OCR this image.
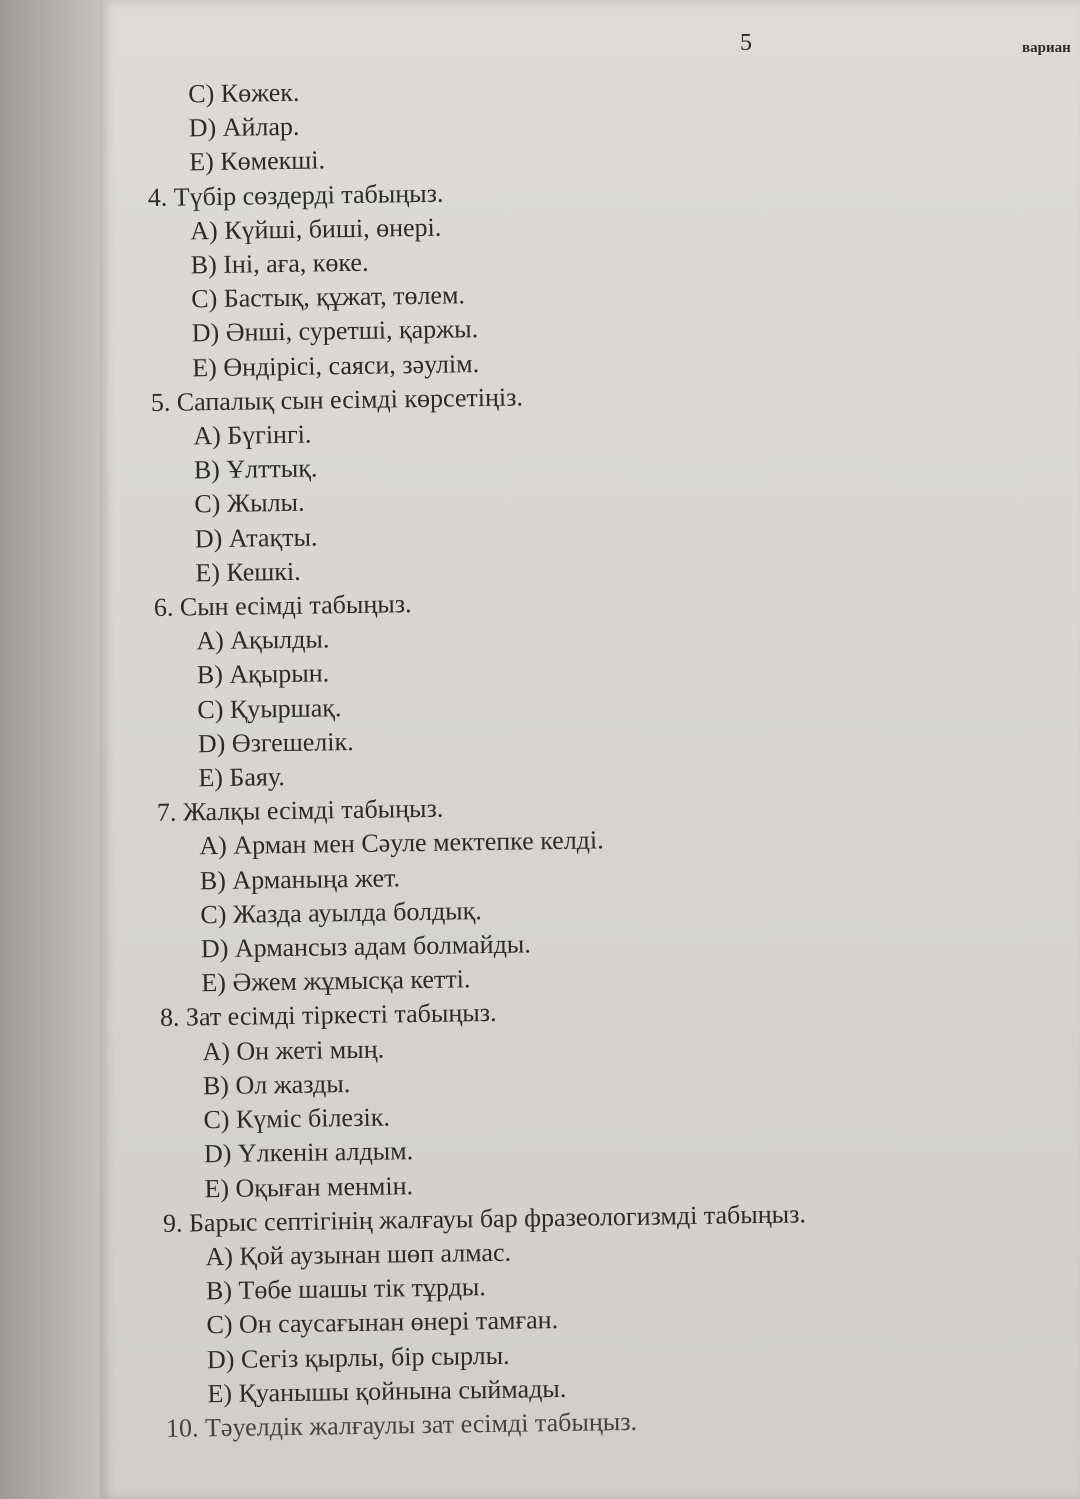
5	вариан
C) Көжек.
D) Айлар.
E) Көмекші.
4. Түбір сөздерді табыңыз.
A) Күйші, биші, өнері.
B) Іні, аға, көке.
C) Бастық, құжат, төлем.
D) Әнші, суретші, қаржы.
E) Өндірісі, саяси, зәулім.
5. Сапалық сын есімді көрсетіңіз.
A) Бүгінгі.
B) Ұлттық.
C) Жылы.
D) Атақты.
E) Кешкі.
6. Сын есімді табыңыз.
A) Ақылды.
B) Ақырын.
C) Қуыршақ.
D) Өзгешелік.
E) Баяу.
7. Жалқы есімді табыңыз.
A) Арман мен Сәуле мектепке келді.
B) Арманыңа жет.
C) Жазда ауылда болдық.
D) Армансыз адам болмайды.
E) Әжем жұмысқа кетті.
8. Зат есімді тіркесті табыңыз.
A) Он жеті мың.
B) Ол жазды.
C) Күміс білезік.
D) Үлкенін алдым.
E) Оқыған менмін.
9. Барыс септігінің жалғауы бар фразеологизмді табыңыз.
A) Қой аузынан шөп алмас.
B) Төбе шашы тік тұрды.
C) Он саусағынан өнері тамған.
D) Сегіз қырлы, бір сырлы.
E) Қуанышы қойнына сыймады.
10. Тәуелдік жалғаулы зат есімді табыңыз.
